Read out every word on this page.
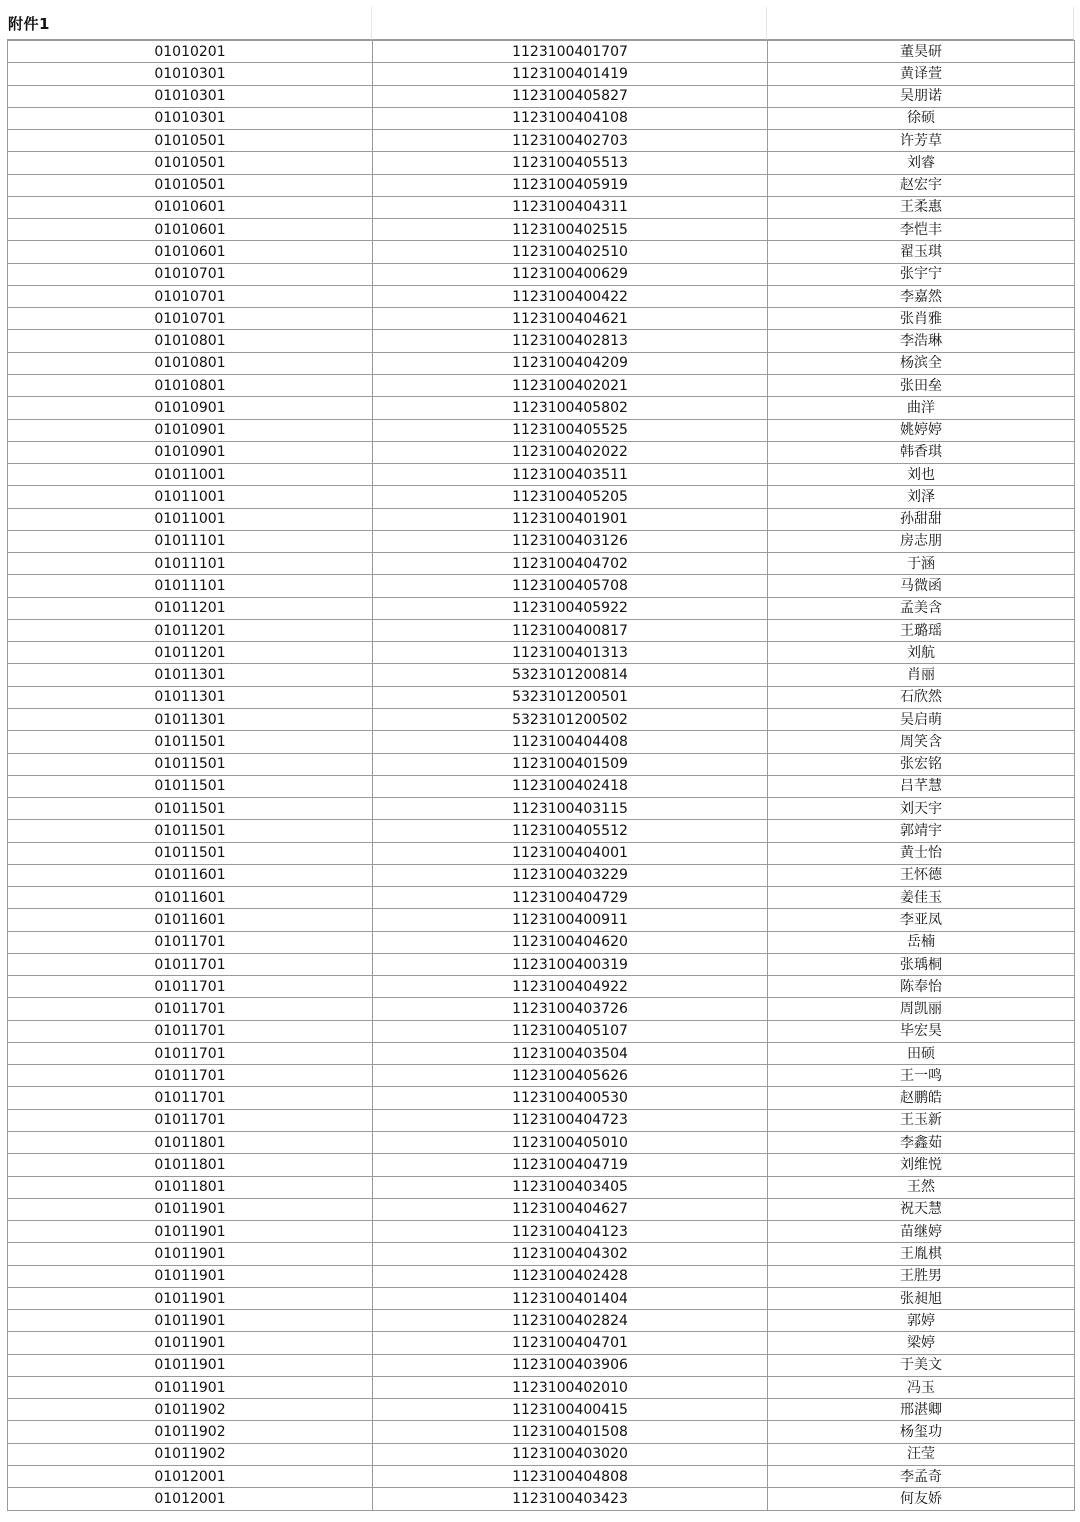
附件1
01010201	1123100401707	董昊研
01010301	1123100401419	黄译萱
01010301	1123100405827	吴朋诺
01010301	1123100404108	徐硕
01010501	1123100402703	许芳草
01010501	1123100405513	刘睿
01010501	1123100405919	赵宏宇
01010601	1123100404311	王柔惠
01010601	1123100402515	李恺丰
01010601	1123100402510	翟玉琪
01010701	1123100400629	张宇宁
01010701	1123100400422	李嘉然
01010701	1123100404621	张肖雅
01010801	1123100402813	李浩琳
01010801	1123100404209	杨滨全
01010801	1123100402021	张田垒
01010901	1123100405802	曲洋
01010901	1123100405525	姚婷婷
01010901	1123100402022	韩香琪
01011001	1123100403511	刘也
01011001	1123100405205	刘泽
01011001	1123100401901	孙甜甜
01011101	1123100403126	房志朋
01011101	1123100404702	于涵
01011101	1123100405708	马微函
01011201	1123100405922	孟美含
01011201	1123100400817	王璐瑶
01011201	1123100401313	刘航
01011301	5323101200814	肖丽
01011301	5323101200501	石欣然
01011301	5323101200502	吴启萌
01011501	1123100404408	周笑含
01011501	1123100401509	张宏铭
01011501	1123100402418	吕芊慧
01011501	1123100403115	刘天宇
01011501	1123100405512	郭靖宇
01011501	1123100404001	黄士怡
01011601	1123100403229	王怀德
01011601	1123100404729	姜佳玉
01011601	1123100400911	李亚凤
01011701	1123100404620	岳楠
01011701	1123100400319	张瑀桐
01011701	1123100404922	陈奉怡
01011701	1123100403726	周凯丽
01011701	1123100405107	毕宏昊
01011701	1123100403504	田硕
01011701	1123100405626	王一鸣
01011701	1123100400530	赵鹏皓
01011701	1123100404723	王玉新
01011801	1123100405010	李鑫茹
01011801	1123100404719	刘维悦
01011801	1123100403405	王然
01011901	1123100404627	祝天慧
01011901	1123100404123	苗继婷
01011901	1123100404302	王胤棋
01011901	1123100402428	王胜男
01011901	1123100401404	张昶旭
01011901	1123100402824	郭婷
01011901	1123100404701	梁婷
01011901	1123100403906	于美文
01011901	1123100402010	冯玉
01011902	1123100400415	邢湛卿
01011902	1123100401508	杨玺功
01011902	1123100403020	汪莹
01012001	1123100404808	李孟奇
01012001	1123100403423	何友娇
